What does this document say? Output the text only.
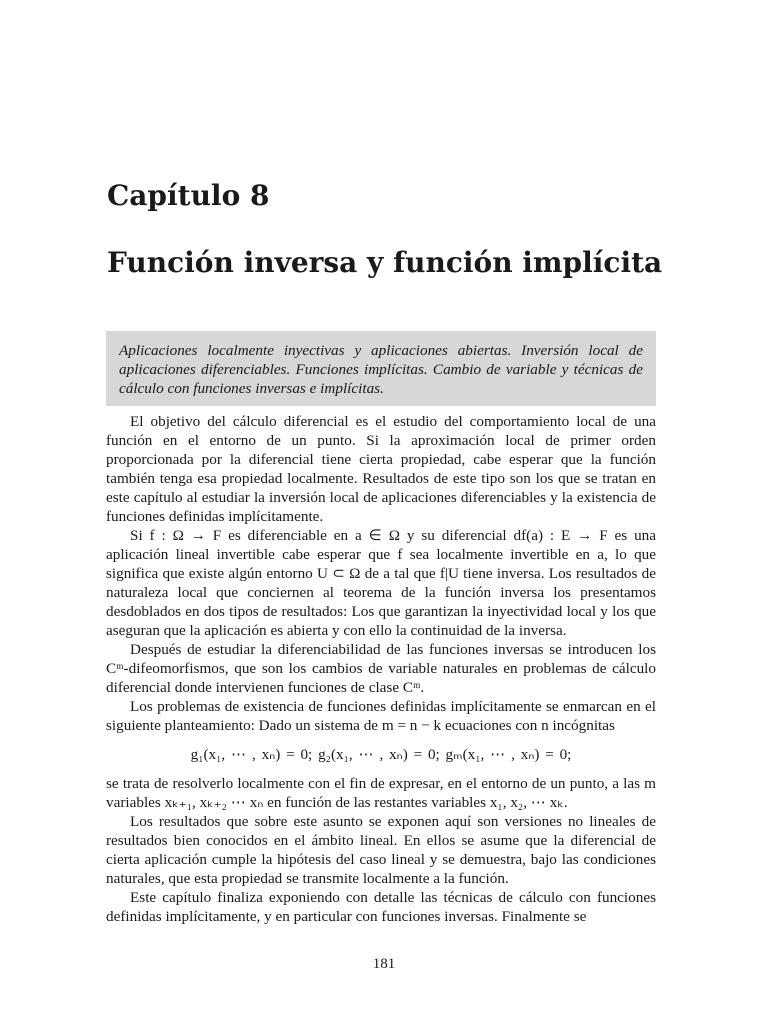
Capítulo 8
Función inversa y función implícita

Aplicaciones localmente inyectivas y aplicaciones abiertas. Inversión local de aplicaciones diferenciables. Funciones implícitas. Cambio de variable y técnicas de cálculo con funciones inversas e implícitas.

El objetivo del cálculo diferencial es el estudio del comportamiento local de una función en el entorno de un punto. Si la aproximación local de primer orden proporcionada por la diferencial tiene cierta propiedad, cabe esperar que la función también tenga esa propiedad localmente. Resultados de este tipo son los que se tratan en este capítulo al estudiar la inversión local de aplicaciones diferenciables y la existencia de funciones definidas implícitamente.

Si f : Ω → F es diferenciable en a ∈ Ω y su diferencial df(a) : E → F es una aplicación lineal invertible cabe esperar que f sea localmente invertible en a, lo que significa que existe algún entorno U ⊂ Ω de a tal que f|U tiene inversa. Los resultados de naturaleza local que conciernen al teorema de la función inversa los presentamos desdoblados en dos tipos de resultados: Los que garantizan la inyectividad local y los que aseguran que la aplicación es abierta y con ello la continuidad de la inversa.

Después de estudiar la diferenciabilidad de las funciones inversas se introducen los Cᵐ-difeomorfismos, que son los cambios de variable naturales en problemas de cálculo diferencial donde intervienen funciones de clase Cᵐ.

Los problemas de existencia de funciones definidas implícitamente se enmarcan en el siguiente planteamiento: Dado un sistema de m = n − k ecuaciones con n incógnitas

g₁(x₁, ⋯ , xₙ) = 0; g₂(x₁, ⋯ , xₙ) = 0; gₘ(x₁, ⋯ , xₙ) = 0;

se trata de resolverlo localmente con el fin de expresar, en el entorno de un punto, a las m variables xₖ₊₁, xₖ₊₂ ⋯ xₙ en función de las restantes variables x₁, x₂, ⋯ xₖ.

Los resultados que sobre este asunto se exponen aquí son versiones no lineales de resultados bien conocidos en el ámbito lineal. En ellos se asume que la diferencial de cierta aplicación cumple la hipótesis del caso lineal y se demuestra, bajo las condiciones naturales, que esta propiedad se transmite localmente a la función.

Este capítulo finaliza exponiendo con detalle las técnicas de cálculo con funciones definidas implícitamente, y en particular con funciones inversas. Finalmente se

181
